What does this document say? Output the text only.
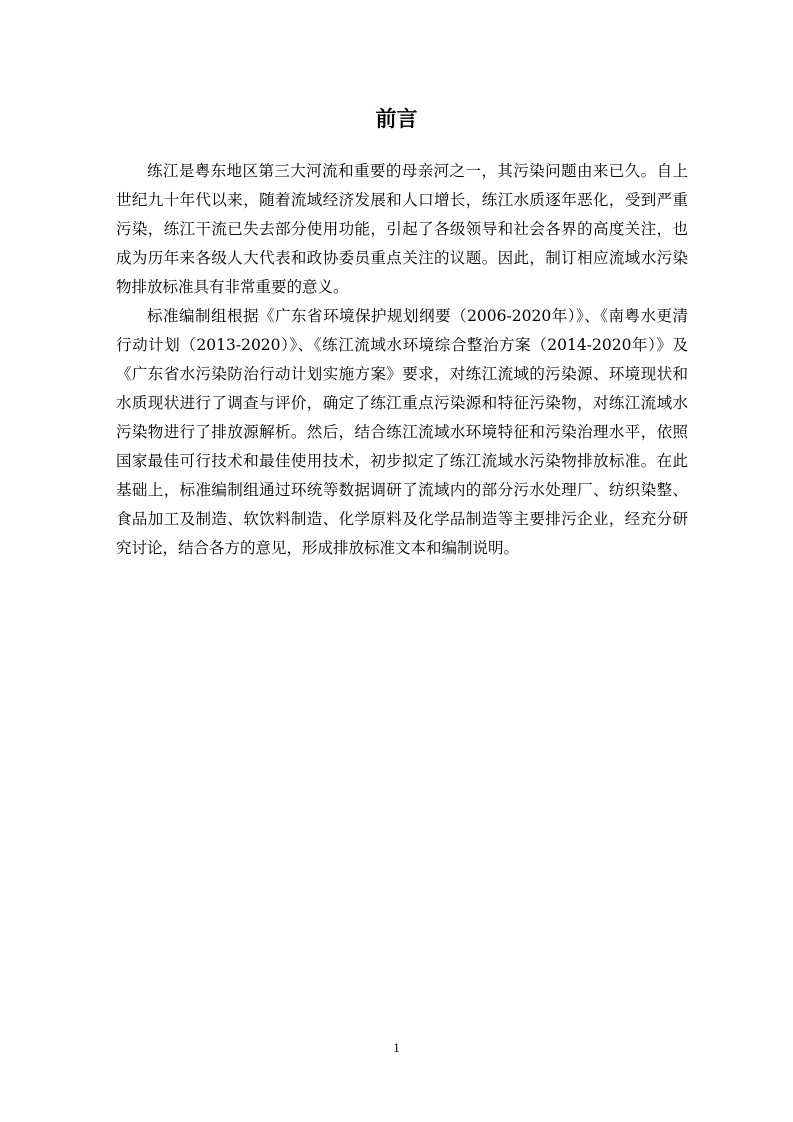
前言

练江是粤东地区第三大河流和重要的母亲河之一，其污染问题由来已久。自上世纪九十年代以来，随着流域经济发展和人口增长，练江水质逐年恶化，受到严重污染，练江干流已失去部分使用功能，引起了各级领导和社会各界的高度关注，也成为历年来各级人大代表和政协委员重点关注的议题。因此，制订相应流域水污染物排放标准具有非常重要的意义。

标准编制组根据《广东省环境保护规划纲要（2006-2020年）》、《南粤水更清行动计划（2013-2020）》、《练江流域水环境综合整治方案（2014-2020年）》及《广东省水污染防治行动计划实施方案》要求，对练江流域的污染源、环境现状和水质现状进行了调查与评价，确定了练江重点污染源和特征污染物，对练江流域水污染物进行了排放源解析。然后，结合练江流域水环境特征和污染治理水平，依照国家最佳可行技术和最佳使用技术，初步拟定了练江流域水污染物排放标准。在此基础上，标准编制组通过环统等数据调研了流域内的部分污水处理厂、纺织染整、食品加工及制造、软饮料制造、化学原料及化学品制造等主要排污企业，经充分研究讨论，结合各方的意见，形成排放标准文本和编制说明。

1
